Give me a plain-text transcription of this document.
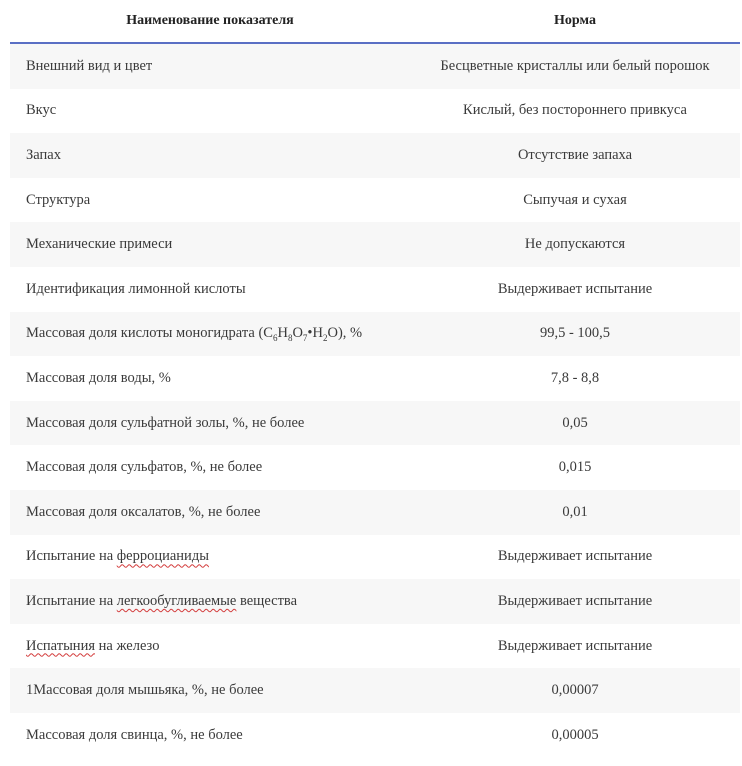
Наименование показателя	Норма
Внешний вид и цвет	Бесцветные кристаллы или белый порошок
Вкус	Кислый, без постороннего привкуса
Запах	Отсутствие запаха
Структура	Сыпучая и сухая
Механические примеси	Не допускаются
Идентификация лимонной кислоты	Выдерживает испытание
Массовая доля кислоты моногидрата $(C_6H_8O_7•H_2O)$, %	99,5 - 100,5
Массовая доля воды, %	7,8 - 8,8
Массовая доля сульфатной золы, %, не более	0,05
Массовая доля сульфатов, %, не более	0,015
Массовая доля оксалатов, %, не более	0,01
Испытание на ферроцианиды	Выдерживает испытание
Испытание на легкообугливаемые вещества	Выдерживает испытание
Испатыния на железо	Выдерживает испытание
1Массовая доля мышьяка, %, не более	0,00007
Массовая доля свинца, %, не более	0,00005
